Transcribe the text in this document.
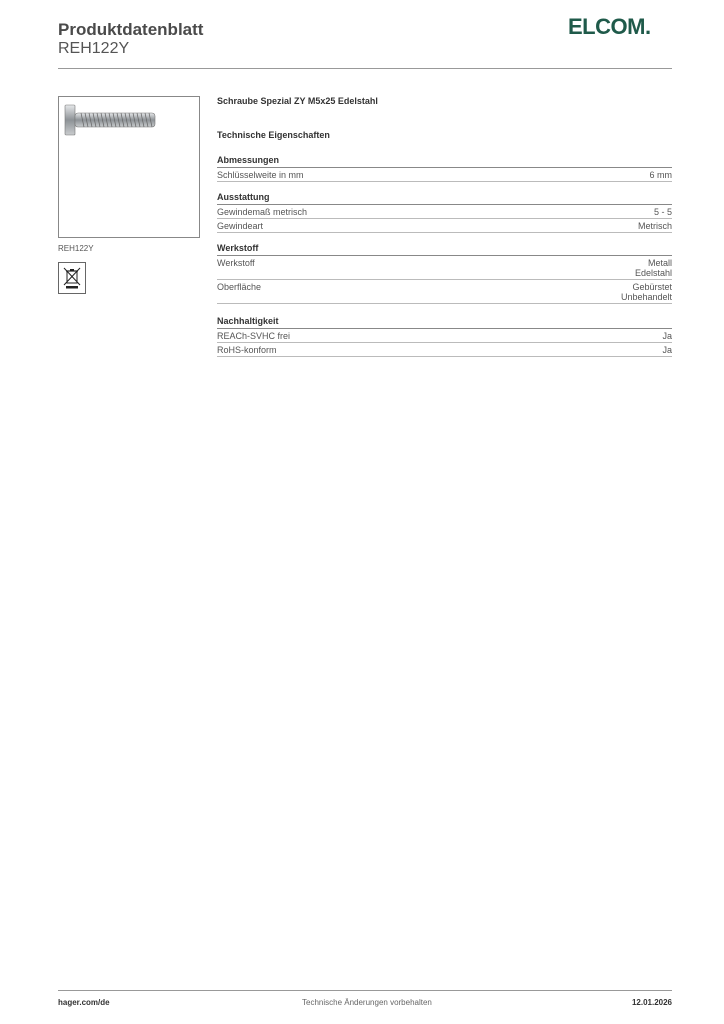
Produktdatenblatt
REH122Y
ELCOM.
REH122Y
Schraube Spezial ZY M5x25 Edelstahl
Technische Eigenschaften
Abmessungen
Schlüsselweite in mm	6 mm
Ausstattung
Gewindemaß metrisch	5 - 5
Gewindeart	Metrisch
Werkstoff
Werkstoff	Metall
Edelstahl
Oberfläche	Gebürstet
Unbehandelt
Nachhaltigkeit
REACh-SVHC frei	Ja
RoHS-konform	Ja
hager.com/de	Technische Änderungen vorbehalten	12.01.2026
